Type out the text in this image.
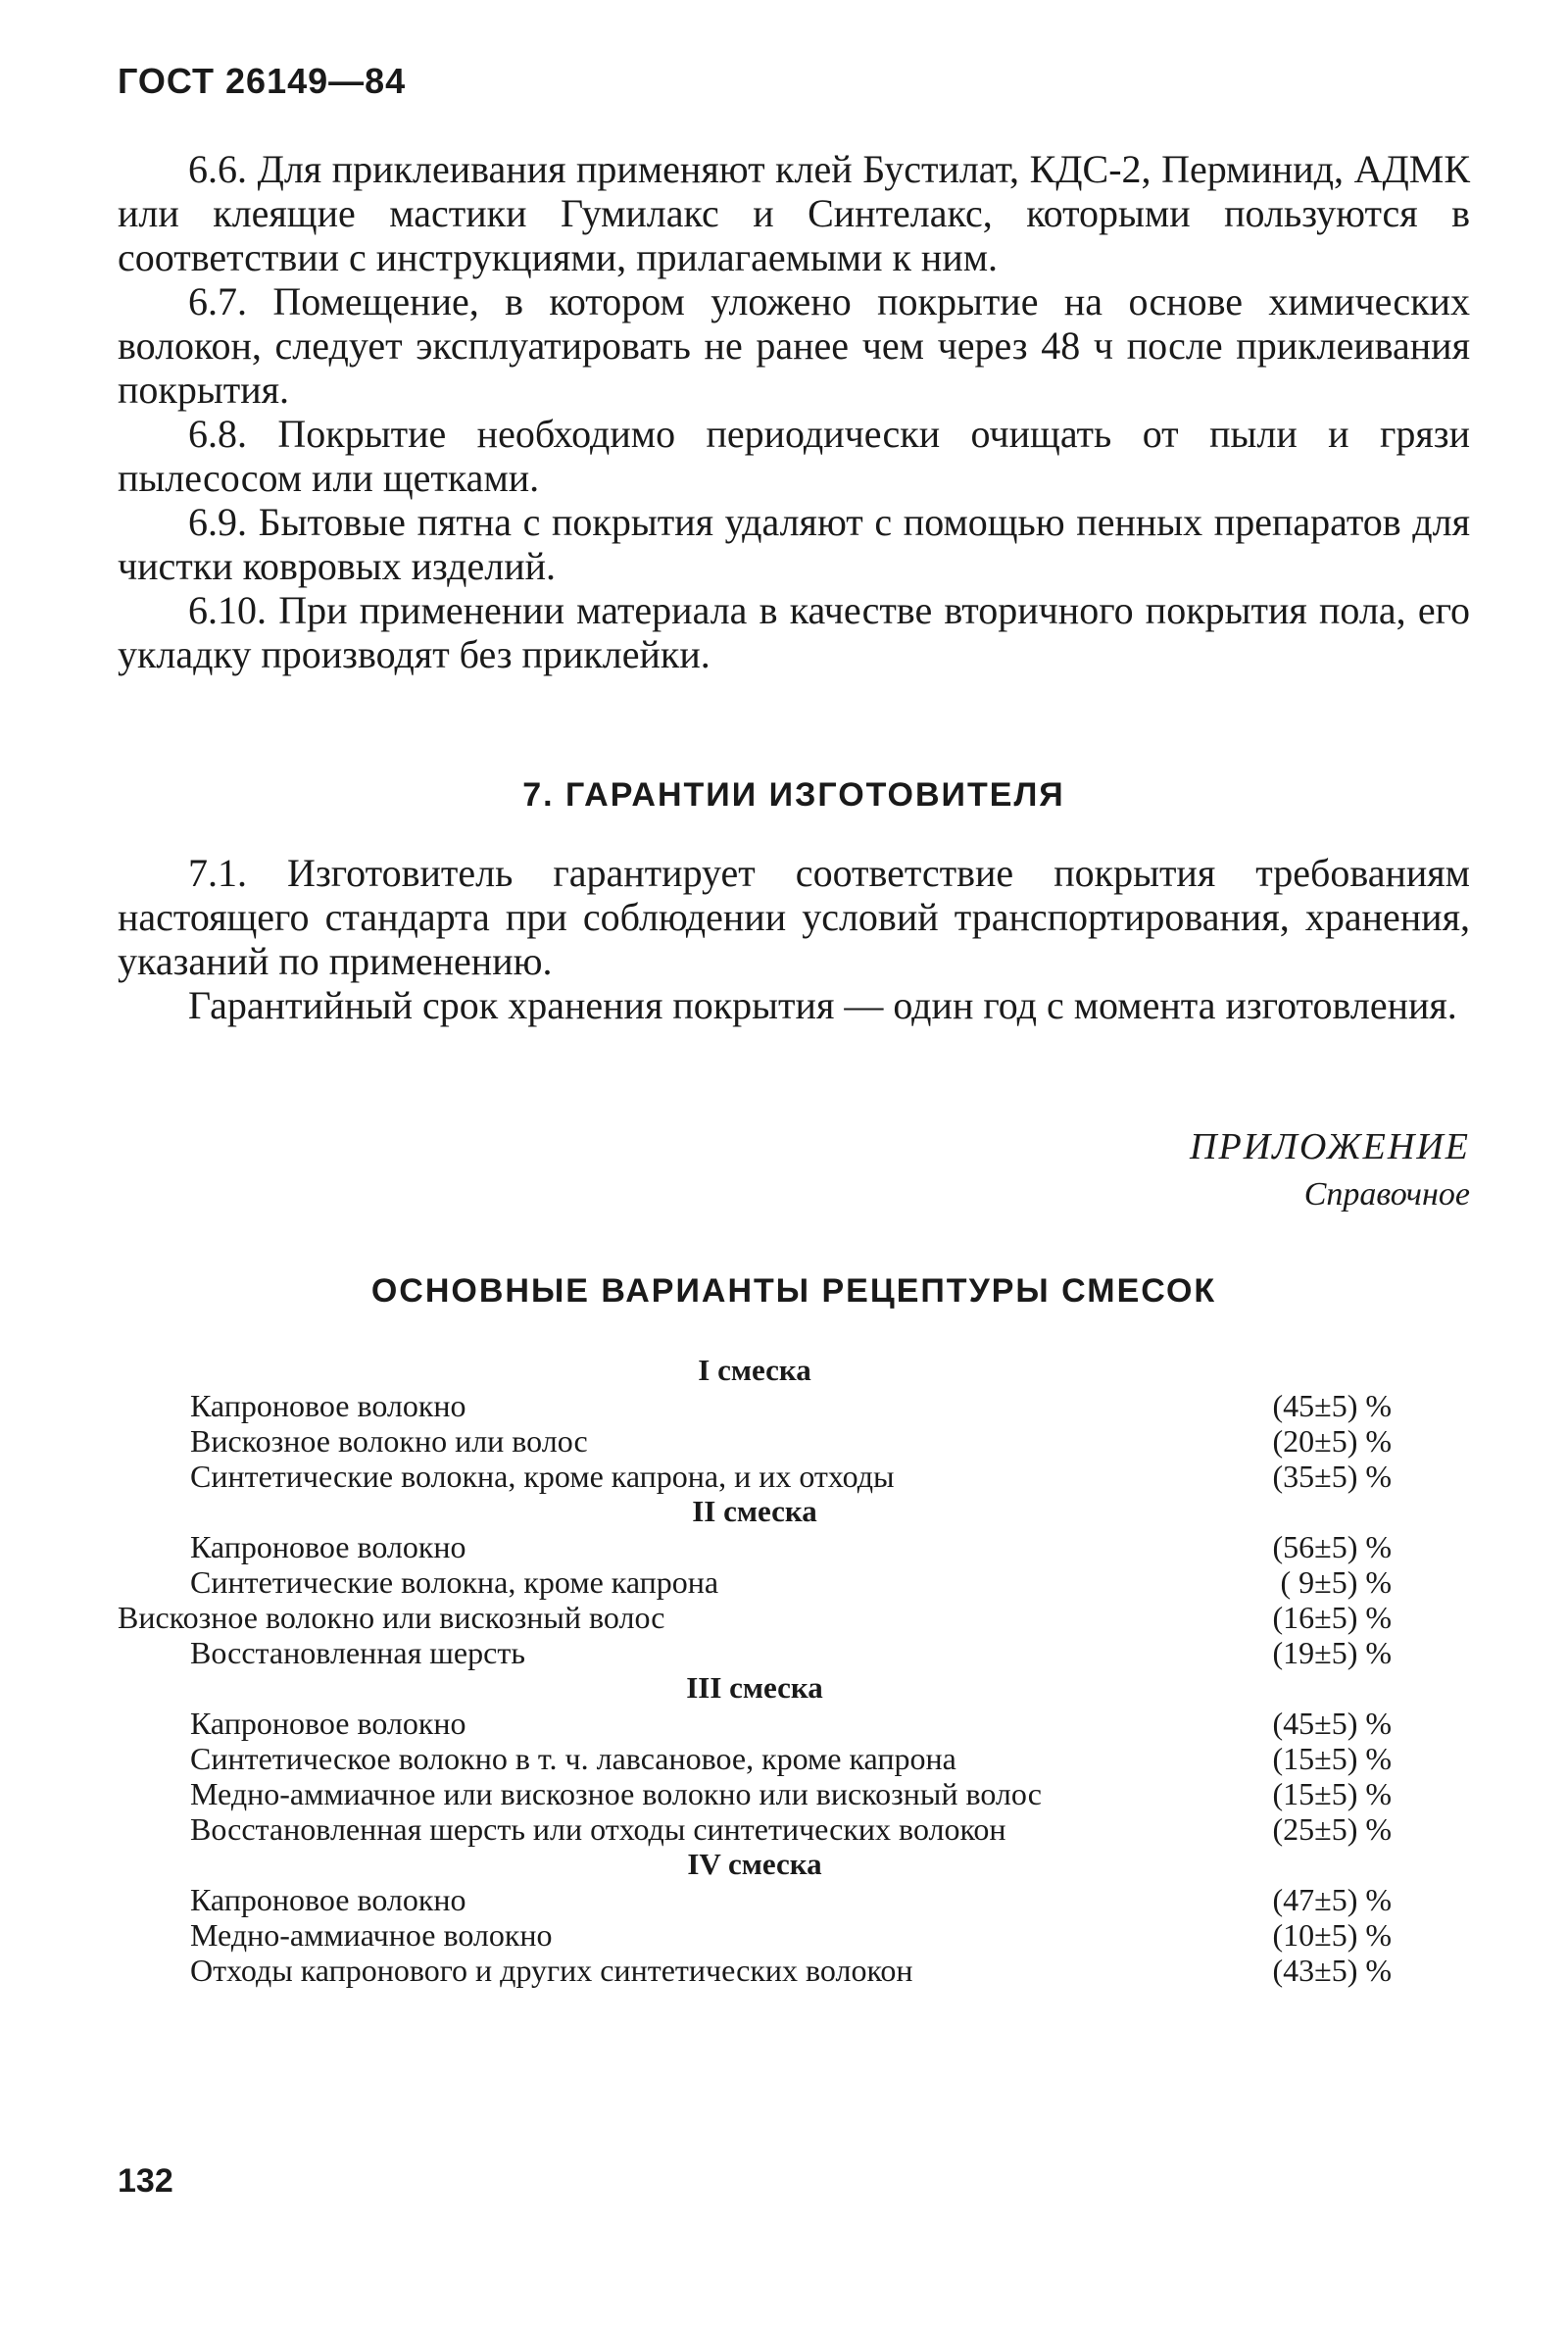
ГОСТ 26149—84

6.6. Для приклеивания применяют клей Бустилат, КДС-2, Перминид, АДМК или клеящие мастики Гумилакс и Синтелакс, которыми пользуются в соответствии с инструкциями, прилагаемыми к ним.

6.7. Помещение, в котором уложено покрытие на основе химических волокон, следует эксплуатировать не ранее чем через 48 ч после приклеивания покрытия.

6.8. Покрытие необходимо периодически очищать от пыли и грязи пылесосом или щетками.

6.9. Бытовые пятна с покрытия удаляют с помощью пенных препаратов для чистки ковровых изделий.

6.10. При применении материала в качестве вторичного покрытия пола, его укладку производят без приклейки.

7. ГАРАНТИИ ИЗГОТОВИТЕЛЯ

7.1. Изготовитель гарантирует соответствие покрытия требованиям настоящего стандарта при соблюдении условий транспортирования, хранения, указаний по применению.

Гарантийный срок хранения покрытия — один год с момента изготовления.

ПРИЛОЖЕНИЕ
Справочное
ОСНОВНЫЕ ВАРИАНТЫ РЕЦЕПТУРЫ СМЕСОК
I смеска
Капроновое волокно	(45±5) %
Вискозное волокно или волос	(20±5) %
Синтетические волокна, кроме капрона, и их отходы	(35±5) %
II смеска
Капроновое волокно	(56±5) %
Синтетические волокна, кроме капрона	( 9±5) %
Вискозное волокно или вискозный волос	(16±5) %
Восстановленная шерсть	(19±5) %
III смеска
Капроновое волокно	(45±5) %
Синтетическое волокно в т. ч. лавсановое, кроме капрона	(15±5) %
Медно-аммиачное или вискозное волокно или вискозный волос	(15±5) %
Восстановленная шерсть или отходы синтетических волокон	(25±5) %
IV смеска
Капроновое волокно	(47±5) %
Медно-аммиачное волокно	(10±5) %
Отходы капронового и других синтетических волокон	(43±5) %
132
